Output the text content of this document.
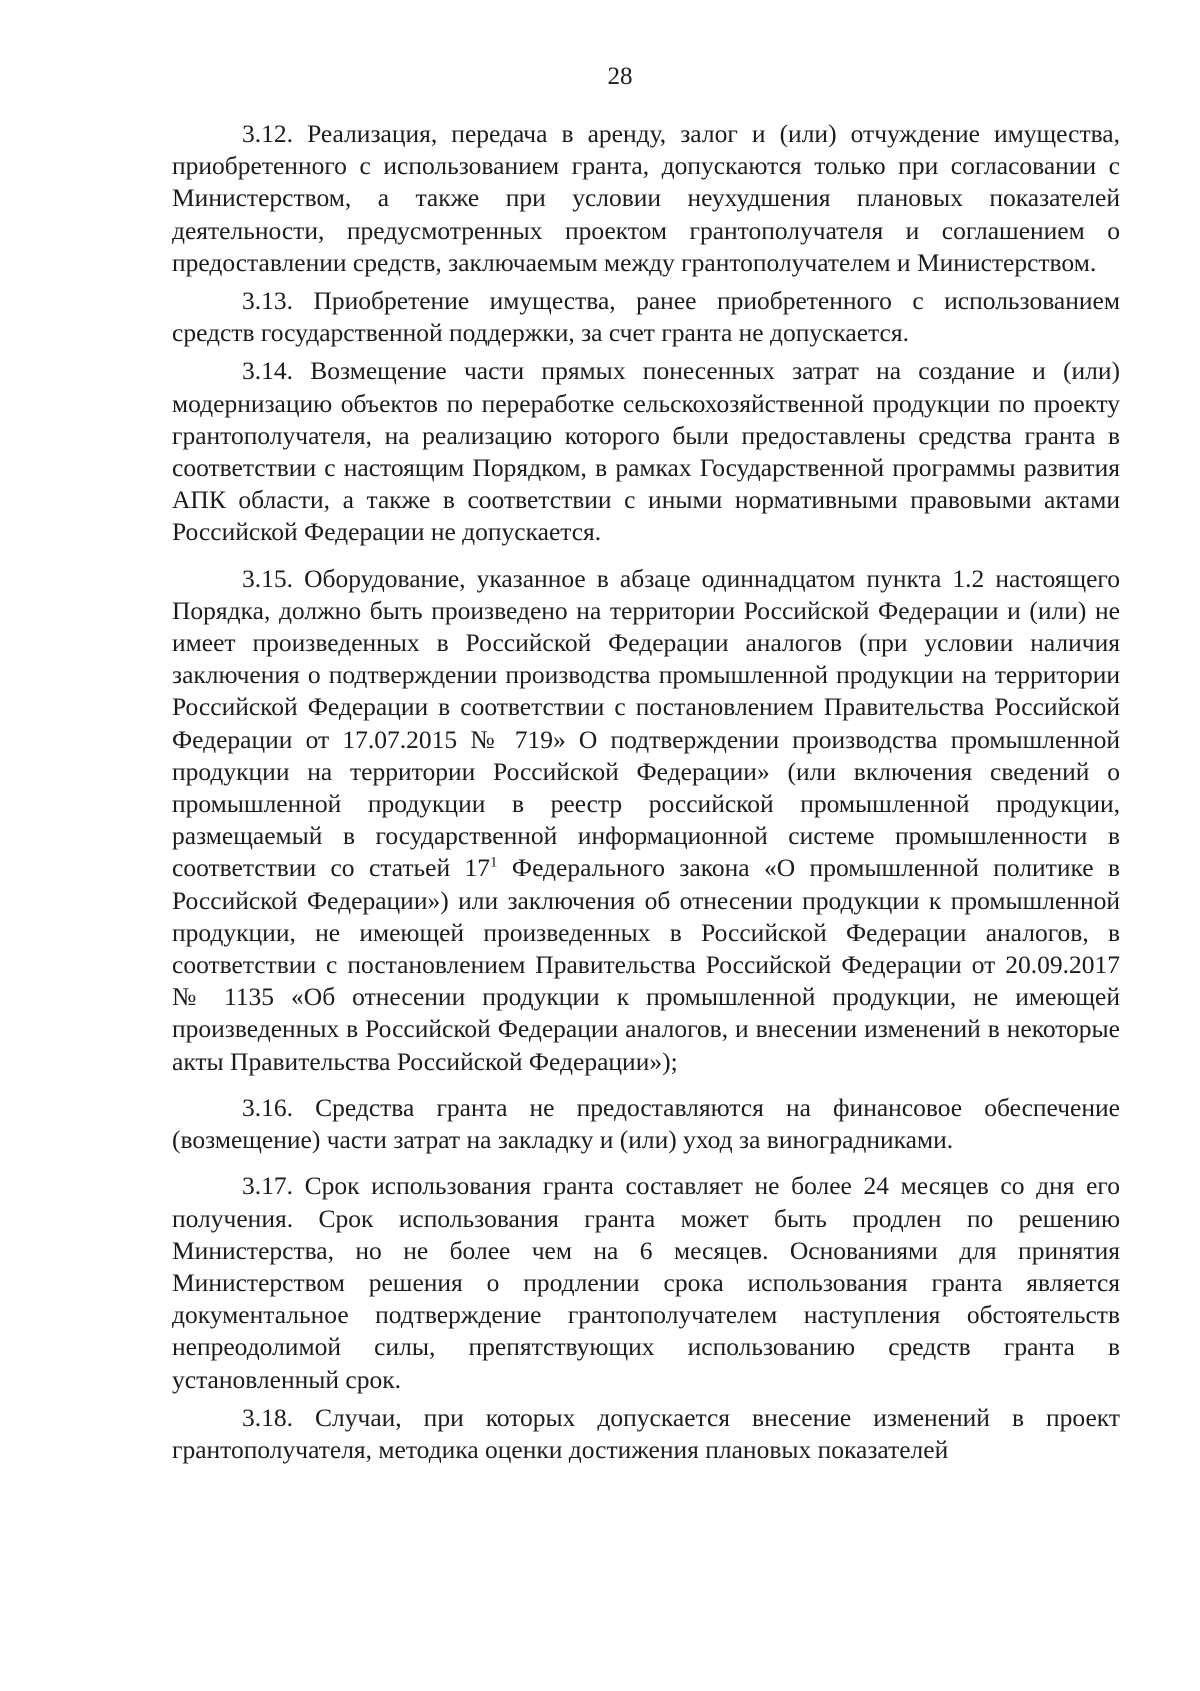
28

3.12. Реализация, передача в аренду, залог и (или) отчуждение имущества, приобретенного с использованием гранта, допускаются только при согласовании с Министерством, а также при условии неухудшения плановых показателей деятельности, предусмотренных проектом грантополучателя и соглашением о предоставлении средств, заключаемым между грантополучателем и Министерством.

3.13. Приобретение имущества, ранее приобретенного с использованием средств государственной поддержки, за счет гранта не допускается.

3.14. Возмещение части прямых понесенных затрат на создание и (или) модернизацию объектов по переработке сельскохозяйственной продукции по проекту грантополучателя, на реализацию которого были предоставлены средства гранта в соответствии с настоящим Порядком, в рамках Государственной программы развития АПК области, а также в соответствии с иными нормативными правовыми актами Российской Федерации не допускается.

3.15. Оборудование, указанное в абзаце одиннадцатом пункта 1.2 настоящего Порядка, должно быть произведено на территории Российской Федерации и (или) не имеет произведенных в Российской Федерации аналогов (при условии наличия заключения о подтверждении производства промышленной продукции на территории Российской Федерации в соответствии с постановлением Правительства Российской Федерации от 17.07.2015 № 719» О подтверждении производства промышленной продукции на территории Российской Федерации» (или включения сведений о промышленной продукции в реестр российской промышленной продукции, размещаемый в государственной информационной системе промышленности в соответствии со статьей $17^1$ Федерального закона «О промышленной политике в Российской Федерации») или заключения об отнесении продукции к промышленной продукции, не имеющей произведенных в Российской Федерации аналогов, в соответствии с постановлением Правительства Российской Федерации от 20.09.2017 № 1135 «Об отнесении продукции к промышленной продукции, не имеющей произведенных в Российской Федерации аналогов, и внесении изменений в некоторые акты Правительства Российской Федерации»);

3.16. Средства гранта не предоставляются на финансовое обеспечение (возмещение) части затрат на закладку и (или) уход за виноградниками.

3.17. Срок использования гранта составляет не более 24 месяцев со дня его получения. Срок использования гранта может быть продлен по решению Министерства, но не более чем на 6 месяцев. Основаниями для принятия Министерством решения о продлении срока использования гранта является документальное подтверждение грантополучателем наступления обстоятельств непреодолимой силы, препятствующих использованию средств гранта в установленный срок.

3.18. Случаи, при которых допускается внесение изменений в проект грантополучателя, методика оценки достижения плановых показателей
